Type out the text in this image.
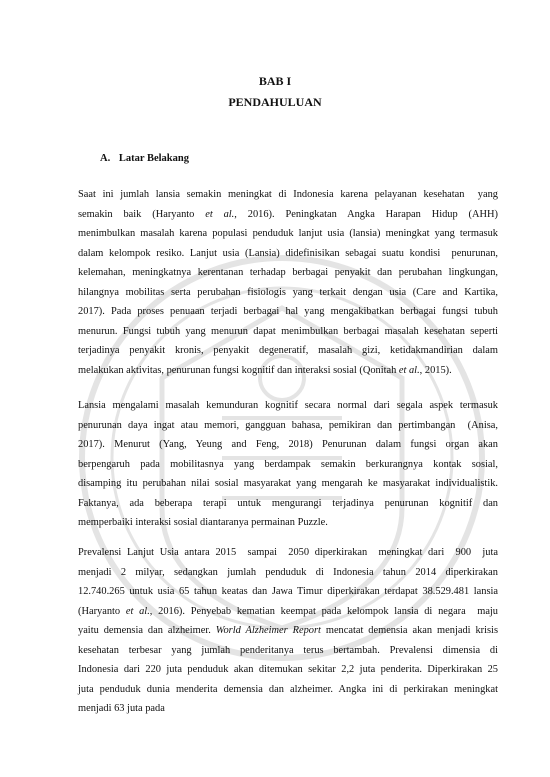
BAB I
PENDAHULUAN
A. Latar Belakang
Saat ini jumlah lansia semakin meningkat di Indonesia karena pelayanan kesehatan  yang
semakin baik (Haryanto et al., 2016). Peningkatan Angka Harapan Hidup (AHH)
menimbulkan masalah karena populasi penduduk lanjut usia (lansia) meningkat yang termasuk
dalam kelompok resiko. Lanjut usia (Lansia) didefinisikan sebagai suatu kondisi  penurunan,
kelemahan, meningkatnya kerentanan terhadap berbagai penyakit dan perubahan lingkungan,
hilangnya mobilitas serta perubahan fisiologis yang terkait dengan usia (Care and Kartika,
2017). Pada proses penuaan terjadi berbagai hal yang mengakibatkan berbagai fungsi tubuh
menurun. Fungsi tubuh yang menurun dapat menimbulkan berbagai masalah kesehatan seperti
terjadinya penyakit kronis, penyakit degeneratif, masalah gizi, ketidakmandirian dalam
melakukan aktivitas, penurunan fungsi kognitif dan interaksi sosial (Qonitah et al., 2015).
Lansia mengalami masalah kemunduran kognitif secara normal dari segala aspek termasuk
penurunan daya ingat atau memori, gangguan bahasa, pemikiran dan pertimbangan  (Anisa,
2017). Menurut (Yang, Yeung and Feng, 2018) Penurunan dalam fungsi organ akan
berpengaruh pada mobilitasnya yang berdampak semakin berkurangnya kontak sosial,
disamping itu perubahan nilai sosial masyarakat yang mengarah ke masyarakat individualistik.
Faktanya, ada beberapa terapi untuk mengurangi terjadinya penurunan kognitif dan
memperbaiki interaksi sosial diantaranya permainan Puzzle.
Prevalensi Lanjut Usia antara 2015  sampai  2050 diperkirakan  meningkat dari  900  juta
menjadi 2 milyar, sedangkan jumlah penduduk di Indonesia tahun 2014 diperkirakan
12.740.265 untuk usia 65 tahun keatas dan Jawa Timur diperkirakan terdapat 38.529.481 lansia
(Haryanto et al., 2016). Penyebab kematian keempat pada kelompok lansia di negara  maju
yaitu demensia dan alzheimer. World Alzheimer Report mencatat demensia akan menjadi krisis
kesehatan terbesar yang jumlah penderitanya terus bertambah. Prevalensi dimensia di
Indonesia dari 220 juta penduduk akan ditemukan sekitar 2,2 juta penderita. Diperkirakan 25
juta penduduk dunia menderita demensia dan alzheimer. Angka ini di perkirakan meningkat
menjadi 63 juta pada
